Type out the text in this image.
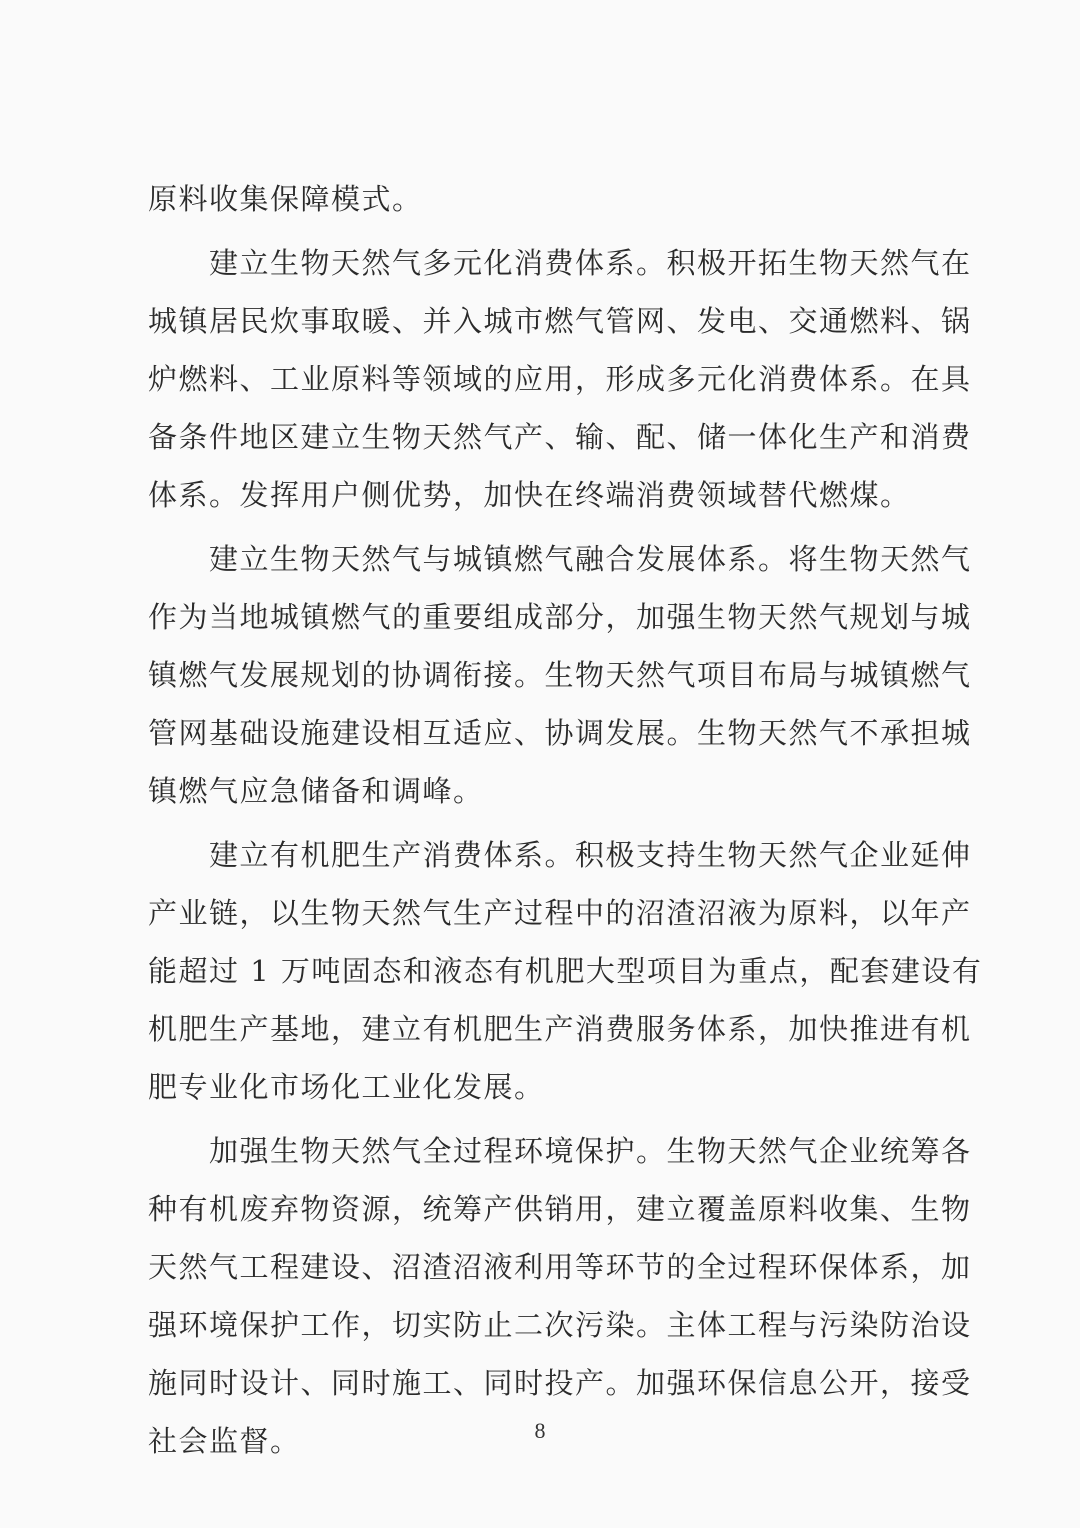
原料收集保障模式。
　　建立生物天然气多元化消费体系。积极开拓生物天然气在
城镇居民炊事取暖、并入城市燃气管网、发电、交通燃料、锅
炉燃料、工业原料等领域的应用，形成多元化消费体系。在具
备条件地区建立生物天然气产、输、配、储一体化生产和消费
体系。发挥用户侧优势，加快在终端消费领域替代燃煤。
　　建立生物天然气与城镇燃气融合发展体系。将生物天然气
作为当地城镇燃气的重要组成部分，加强生物天然气规划与城
镇燃气发展规划的协调衔接。生物天然气项目布局与城镇燃气
管网基础设施建设相互适应、协调发展。生物天然气不承担城
镇燃气应急储备和调峰。
　　建立有机肥生产消费体系。积极支持生物天然气企业延伸
产业链，以生物天然气生产过程中的沼渣沼液为原料，以年产
能超过 1 万吨固态和液态有机肥大型项目为重点，配套建设有
机肥生产基地，建立有机肥生产消费服务体系，加快推进有机
肥专业化市场化工业化发展。
　　加强生物天然气全过程环境保护。生物天然气企业统筹各
种有机废弃物资源，统筹产供销用，建立覆盖原料收集、生物
天然气工程建设、沼渣沼液利用等环节的全过程环保体系，加
强环境保护工作，切实防止二次污染。主体工程与污染防治设
施同时设计、同时施工、同时投产。加强环保信息公开，接受
社会监督。	8
